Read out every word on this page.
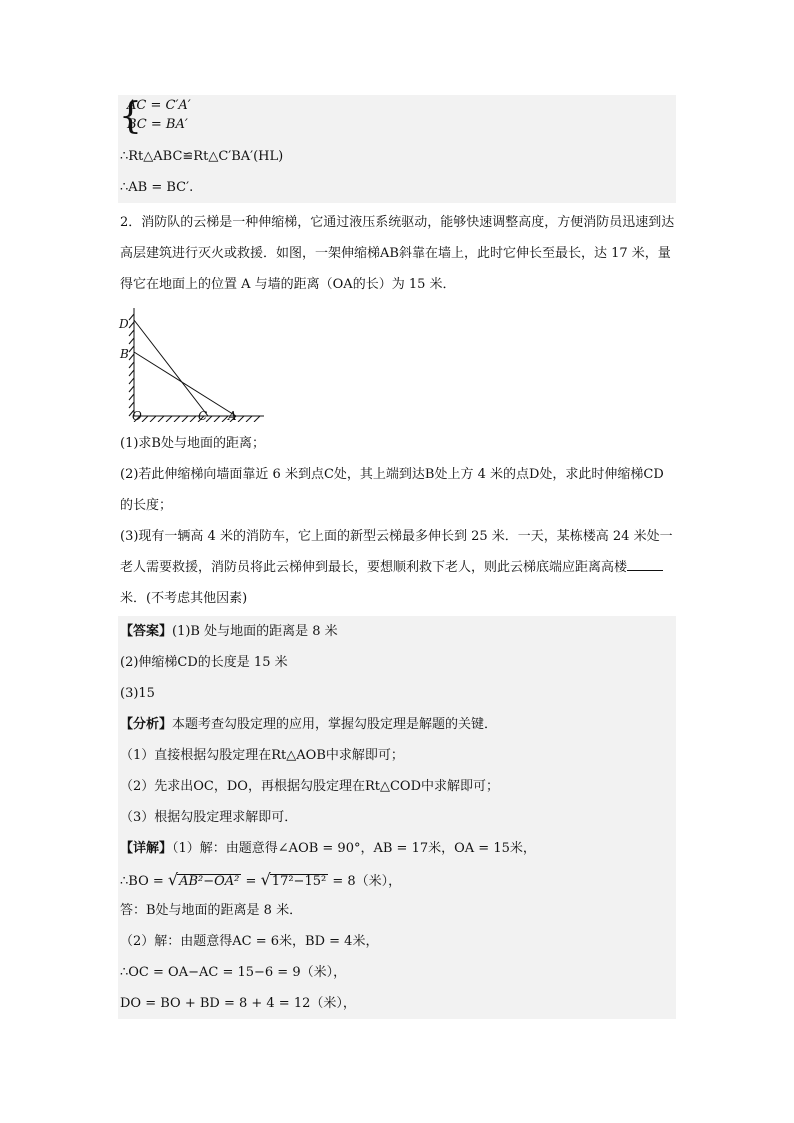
{
AC = C′A′
BC = BA′
∴Rt△ABC≌Rt△C′BA′(HL)
∴AB = BC′.
2．消防队的云梯是一种伸缩梯，它通过液压系统驱动，能够快速调整高度，方便消防员迅速到达高层建筑进行灭火或救援．如图，一架伸缩梯AB斜靠在墙上，此时它伸长至最长，达 17 米，量得它在地面上的位置 A 与墙的距离（OA的长）为 15 米．
D
B
O	C A
(1)求B处与地面的距离；
(2)若此伸缩梯向墙面靠近 6 米到点C处，其上端到达B处上方 4 米的点D处，求此时伸缩梯CD的长度；
(3)现有一辆高 4 米的消防车，它上面的新型云梯最多伸长到 25 米．一天，某栋楼高 24 米处一老人需要救援，消防员将此云梯伸到最长，要想顺利救下老人，则此云梯底端应距离高楼米．(不考虑其他因素)
【答案】(1)B 处与地面的距离是 8 米
(2)伸缩梯CD的长度是 15 米
(3)15
【分析】本题考查勾股定理的应用，掌握勾股定理是解题的关键．
（1）直接根据勾股定理在Rt△AOB中求解即可；
（2）先求出OC，DO，再根据勾股定理在Rt△COD中求解即可；
（3）根据勾股定理求解即可．
【详解】（1）解：由题意得∠AOB = 90°，AB = 17米，OA = 15米，
∴BO = √AB²−OA² = √17²−15² = 8（米），
答：B处与地面的距离是 8 米．
（2）解：由题意得AC = 6米，BD = 4米，
∴OC = OA−AC = 15−6 = 9（米），
DO = BO + BD = 8 + 4 = 12（米），
